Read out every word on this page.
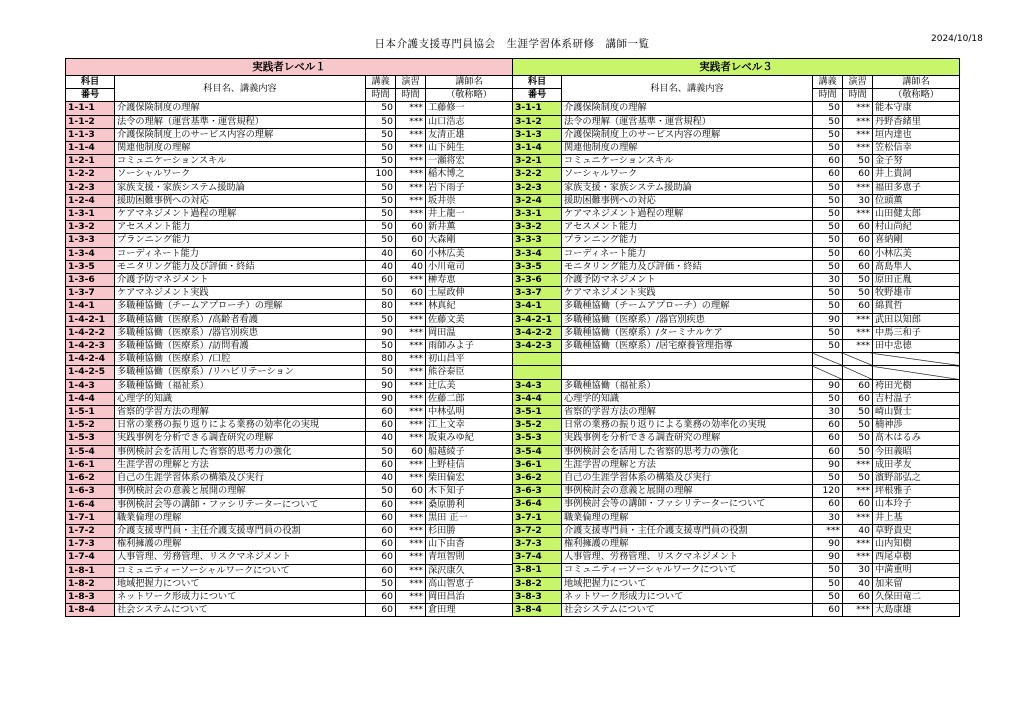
日本介護支援専門員協会　生涯学習体系研修　講師一覧	2024/10/18
実践者レベル１				
科目	科目名、講義内容	講義	演習	講師名
番号		時間	時間	（敬称略）
1-1-1	介護保険制度の理解	50	***	工藤修一
1-1-2	法令の理解（運営基準・運営規程）	50	***	山口浩志
1-1-3	介護保険制度上のサービス内容の理解	50	***	友清正雄
1-1-4	関連他制度の理解	50	***	山下純生
1-2-1	コミュニケーションスキル	50	***	一瀬将宏
1-2-2	ソーシャルワーク	100	***	稲木博之
1-2-3	家族支援・家族システム援助論	50	***	岩下雨子
1-2-4	援助困難事例への対応	50	***	坂井崇
1-3-1	ケアマネジメント過程の理解	50	***	井上龍一
1-3-2	アセスメント能力	50	60	新井薫
1-3-3	プランニング能力	50	60	大森剛
1-3-4	コーディネート能力	40	60	小林広美
1-3-5	モニタリング能力及び評価・終結	40	40	小川竜司
1-3-6	介護予防マネジメント	60	***	榊寿恵
1-3-7	ケアマネジメント実践	50	60	土屋政伸
1-4-1	多職種協働（チームアプローチ）の理解	80	***	林真紀
1-4-2-1	多職種協働（医療系）/高齢者看護	50	***	佐藤文美
1-4-2-2	多職種協働（医療系）/器官別疾患	90	***	岡田温
1-4-2-3	多職種協働（医療系）/訪問看護	50	***	雨師みよ子
1-4-2-4	多職種協働（医療系）/口腔	80	***	初山昌平
1-4-2-5	多職種協働（医療系）/リハビリテーション	50	***	熊谷泰臣
1-4-3	多職種協働（福祉系）	90	***	辻広美
1-4-4	心理学的知識	90	***	佐藤二郎
1-5-1	省察的学習方法の理解	60	***	中林弘明
1-5-2	日常の業務の振り返りによる業務の効率化の実現	60	***	江上文幸
1-5-3	実践事例を分析できる調査研究の理解	40	***	坂東みゆ紀
1-5-4	事例検討会を活用した省察的思考力の強化	50	60	船越綾子
1-6-1	生涯学習の理解と方法	60	***	上野桂信
1-6-2	自己の生涯学習体系の構築及び実行	40	***	柴田倫宏
1-6-3	事例検討会の意義と展開の理解	50	60	木下知子
1-6-4	事例検討会等の講師・ファシリテーターについて	60	***	桑原勝利
1-7-1	職業倫理の理解	60	***	黒田 正一
1-7-2	介護支援専門員・主任介護支援専門員の役割	60	***	杉田勝
1-7-3	権利擁護の理解	60	***	山下由香
1-7-4	人事管理、労務管理、リスクマネジメント	60	***	青垣智則
1-8-1	コミュニティーソーシャルワークについて	60	***	深沢康久
1-8-2	地域把握力について	50	***	高山智恵子
1-8-3	ネットワーク形成力について	60	***	岡田昌治
1-8-4	社会システムについて	60	***	倉田理
実践者レベル３				
科目	科目名、講義内容	講義	演習	講師名
番号		時間	時間	（敬称略）
3-1-1	介護保険制度の理解	50	***	能本守康
3-1-2	法令の理解（運営基準・運営規程）	50	***	丹野香緒里
3-1-3	介護保険制度上のサービス内容の理解	50	***	垣内達也
3-1-4	関連他制度の理解	50	***	笠松信幸
3-2-1	コミュニケーションスキル	60	50	金子努
3-2-2	ソーシャルワーク	60	60	井上貴詞
3-2-3	家族支援・家族システム援助論	50	***	福田多恵子
3-2-4	援助困難事例への対応	50	30	位頭薫
3-3-1	ケアマネジメント過程の理解	50	***	山田健太郎
3-3-2	アセスメント能力	50	60	村山尚紀
3-3-3	プランニング能力	50	60	喜納剛
3-3-4	コーディネート能力	50	60	小林広美
3-3-5	モニタリング能力及び評価・終結	50	60	髙島隼人
3-3-6	介護予防マネジメント	30	50	原田正胤
3-3-7	ケアマネジメント実践	50	50	牧野雄市
3-4-1	多職種協働（チームアプローチ）の理解	50	60	綿貫哲
3-4-2-1	多職種協働（医療系）/器官別疾患	90	***	武田以知郎
3-4-2-2	多職種協働（医療系）/ターミナルケア	50	***	中馬三和子
3-4-2-3	多職種協働（医療系）/居宅療養管理指導	50	***	田中忠徳

3-4-3	多職種協働（福祉系）	90	60	袴田光樹
3-4-4	心理学的知識	50	60	吉村温子
3-5-1	省察的学習方法の理解	30	50	崎山賢士
3-5-2	日常の業務の振り返りによる業務の効率化の実現	60	50	楠神渉
3-5-3	実践事例を分析できる調査研究の理解	60	50	髙木はるみ
3-5-4	事例検討会を活用した省察的思考力の強化	60	50	今田義昭
3-6-1	生涯学習の理解と方法	90	***	成田孝友
3-6-2	自己の生涯学習体系の構築及び実行	50	50	濱野部弘之
3-6-3	事例検討会の意義と展開の理解	120	***	坪根雅子
3-6-4	事例検討会等の講師・ファシリテーターについて	60	60	山本玲子
3-7-1	職業倫理の理解	30	***	井上基
3-7-2	介護支援専門員・主任介護支援専門員の役割	***	40	草野貴史
3-7-3	権利擁護の理解	90	***	山内知樹
3-7-4	人事管理、労務管理、リスクマネジメント	90	***	西尾卓樹
3-8-1	コミュニティーソーシャルワークについて	50	30	中満重明
3-8-2	地域把握力について	50	40	加来留
3-8-3	ネットワーク形成力について	50	60	久保田竜二
3-8-4	社会システムについて	60	***	大島康雄
